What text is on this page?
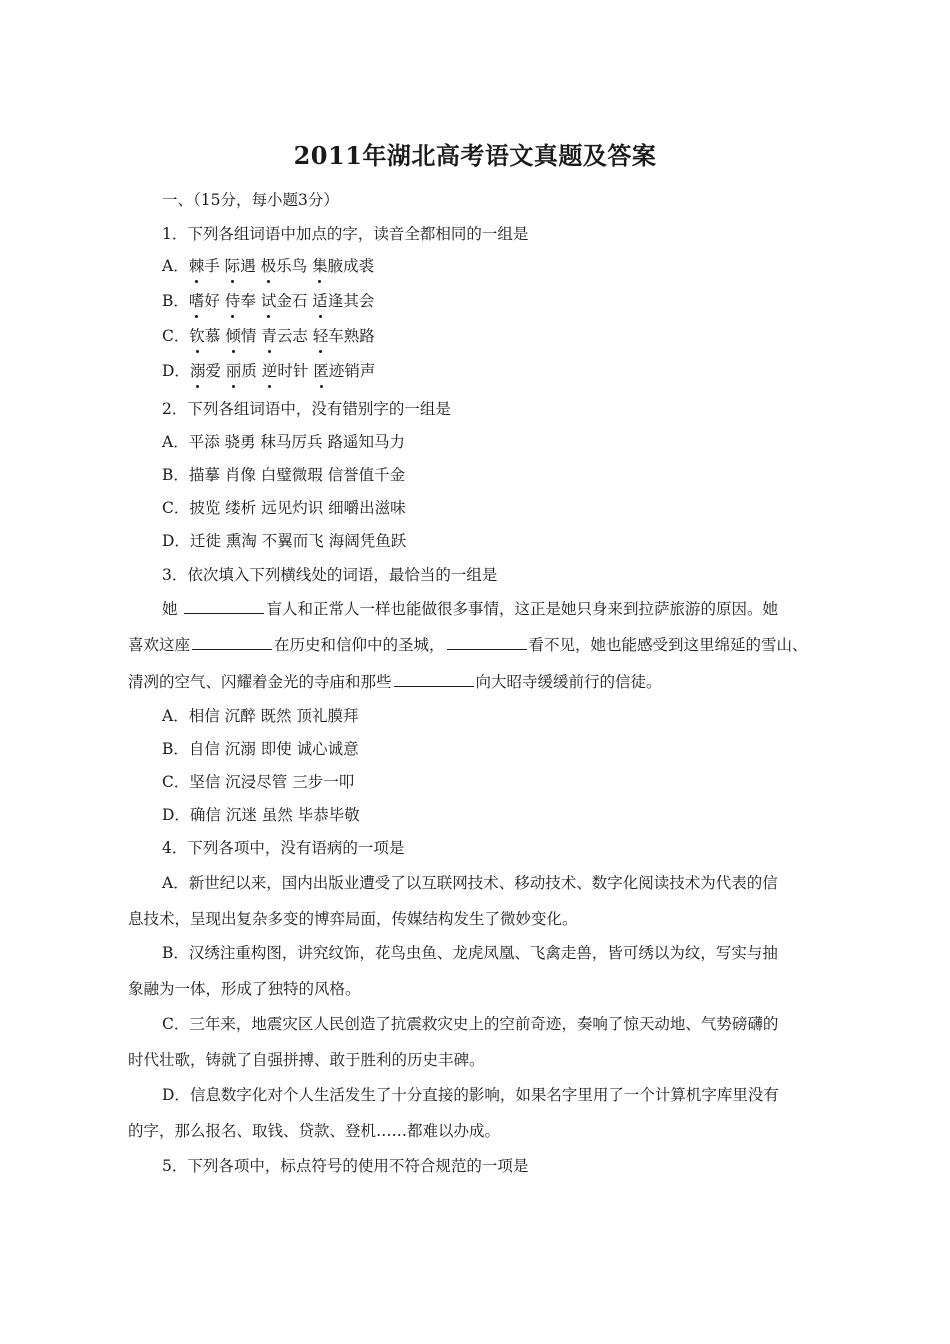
2011年湖北高考语文真题及答案
一、（15分，每小题3分）
1．下列各组词语中加点的字，读音全都相同的一组是
A．棘手 际遇 极乐鸟 集腋成裘
B．嗜好 侍奉 试金石 适逢其会
C．钦慕 倾情 青云志 轻车熟路
D．溺爱 丽质 逆时针 匿迹销声
2．下列各组词语中，没有错别字的一组是
A．平添 骁勇 秣马厉兵 路遥知马力
B．描摹 肖像 白璧微瑕 信誉值千金
C．披览 缕析 远见灼识 细嚼出滋味
D．迁徙 熏淘 不翼而飞 海阔凭鱼跃
3．依次填入下列横线处的词语，最恰当的一组是
她	盲人和正常人一样也能做很多事情，这正是她只身来到拉萨旅游的原因。她
喜欢这座	在历史和信仰中的圣城，	看不见，她也能感受到这里绵延的雪山、
清冽的空气、闪耀着金光的寺庙和那些	向大昭寺缓缓前行的信徒。
A．相信 沉醉 既然 顶礼膜拜
B．自信 沉溺 即使 诚心诚意
C．坚信 沉浸尽管 三步一叩
D．确信 沉迷 虽然 毕恭毕敬
4．下列各项中，没有语病的一项是
A．新世纪以来，国内出版业遭受了以互联网技术、移动技术、数字化阅读技术为代表的信
息技术，呈现出复杂多变的博弈局面，传媒结构发生了微妙变化。
B．汉绣注重构图，讲究纹饰，花鸟虫鱼、龙虎凤凰、飞禽走兽，皆可绣以为纹，写实与抽
象融为一体，形成了独特的风格。
C．三年来，地震灾区人民创造了抗震救灾史上的空前奇迹，奏响了惊天动地、气势磅礴的
时代壮歌，铸就了自强拼搏、敢于胜利的历史丰碑。
D．信息数字化对个人生活发生了十分直接的影响，如果名字里用了一个计算机字库里没有
的字，那么报名、取钱、贷款、登机……都难以办成。
5．下列各项中，标点符号的使用不符合规范的一项是
